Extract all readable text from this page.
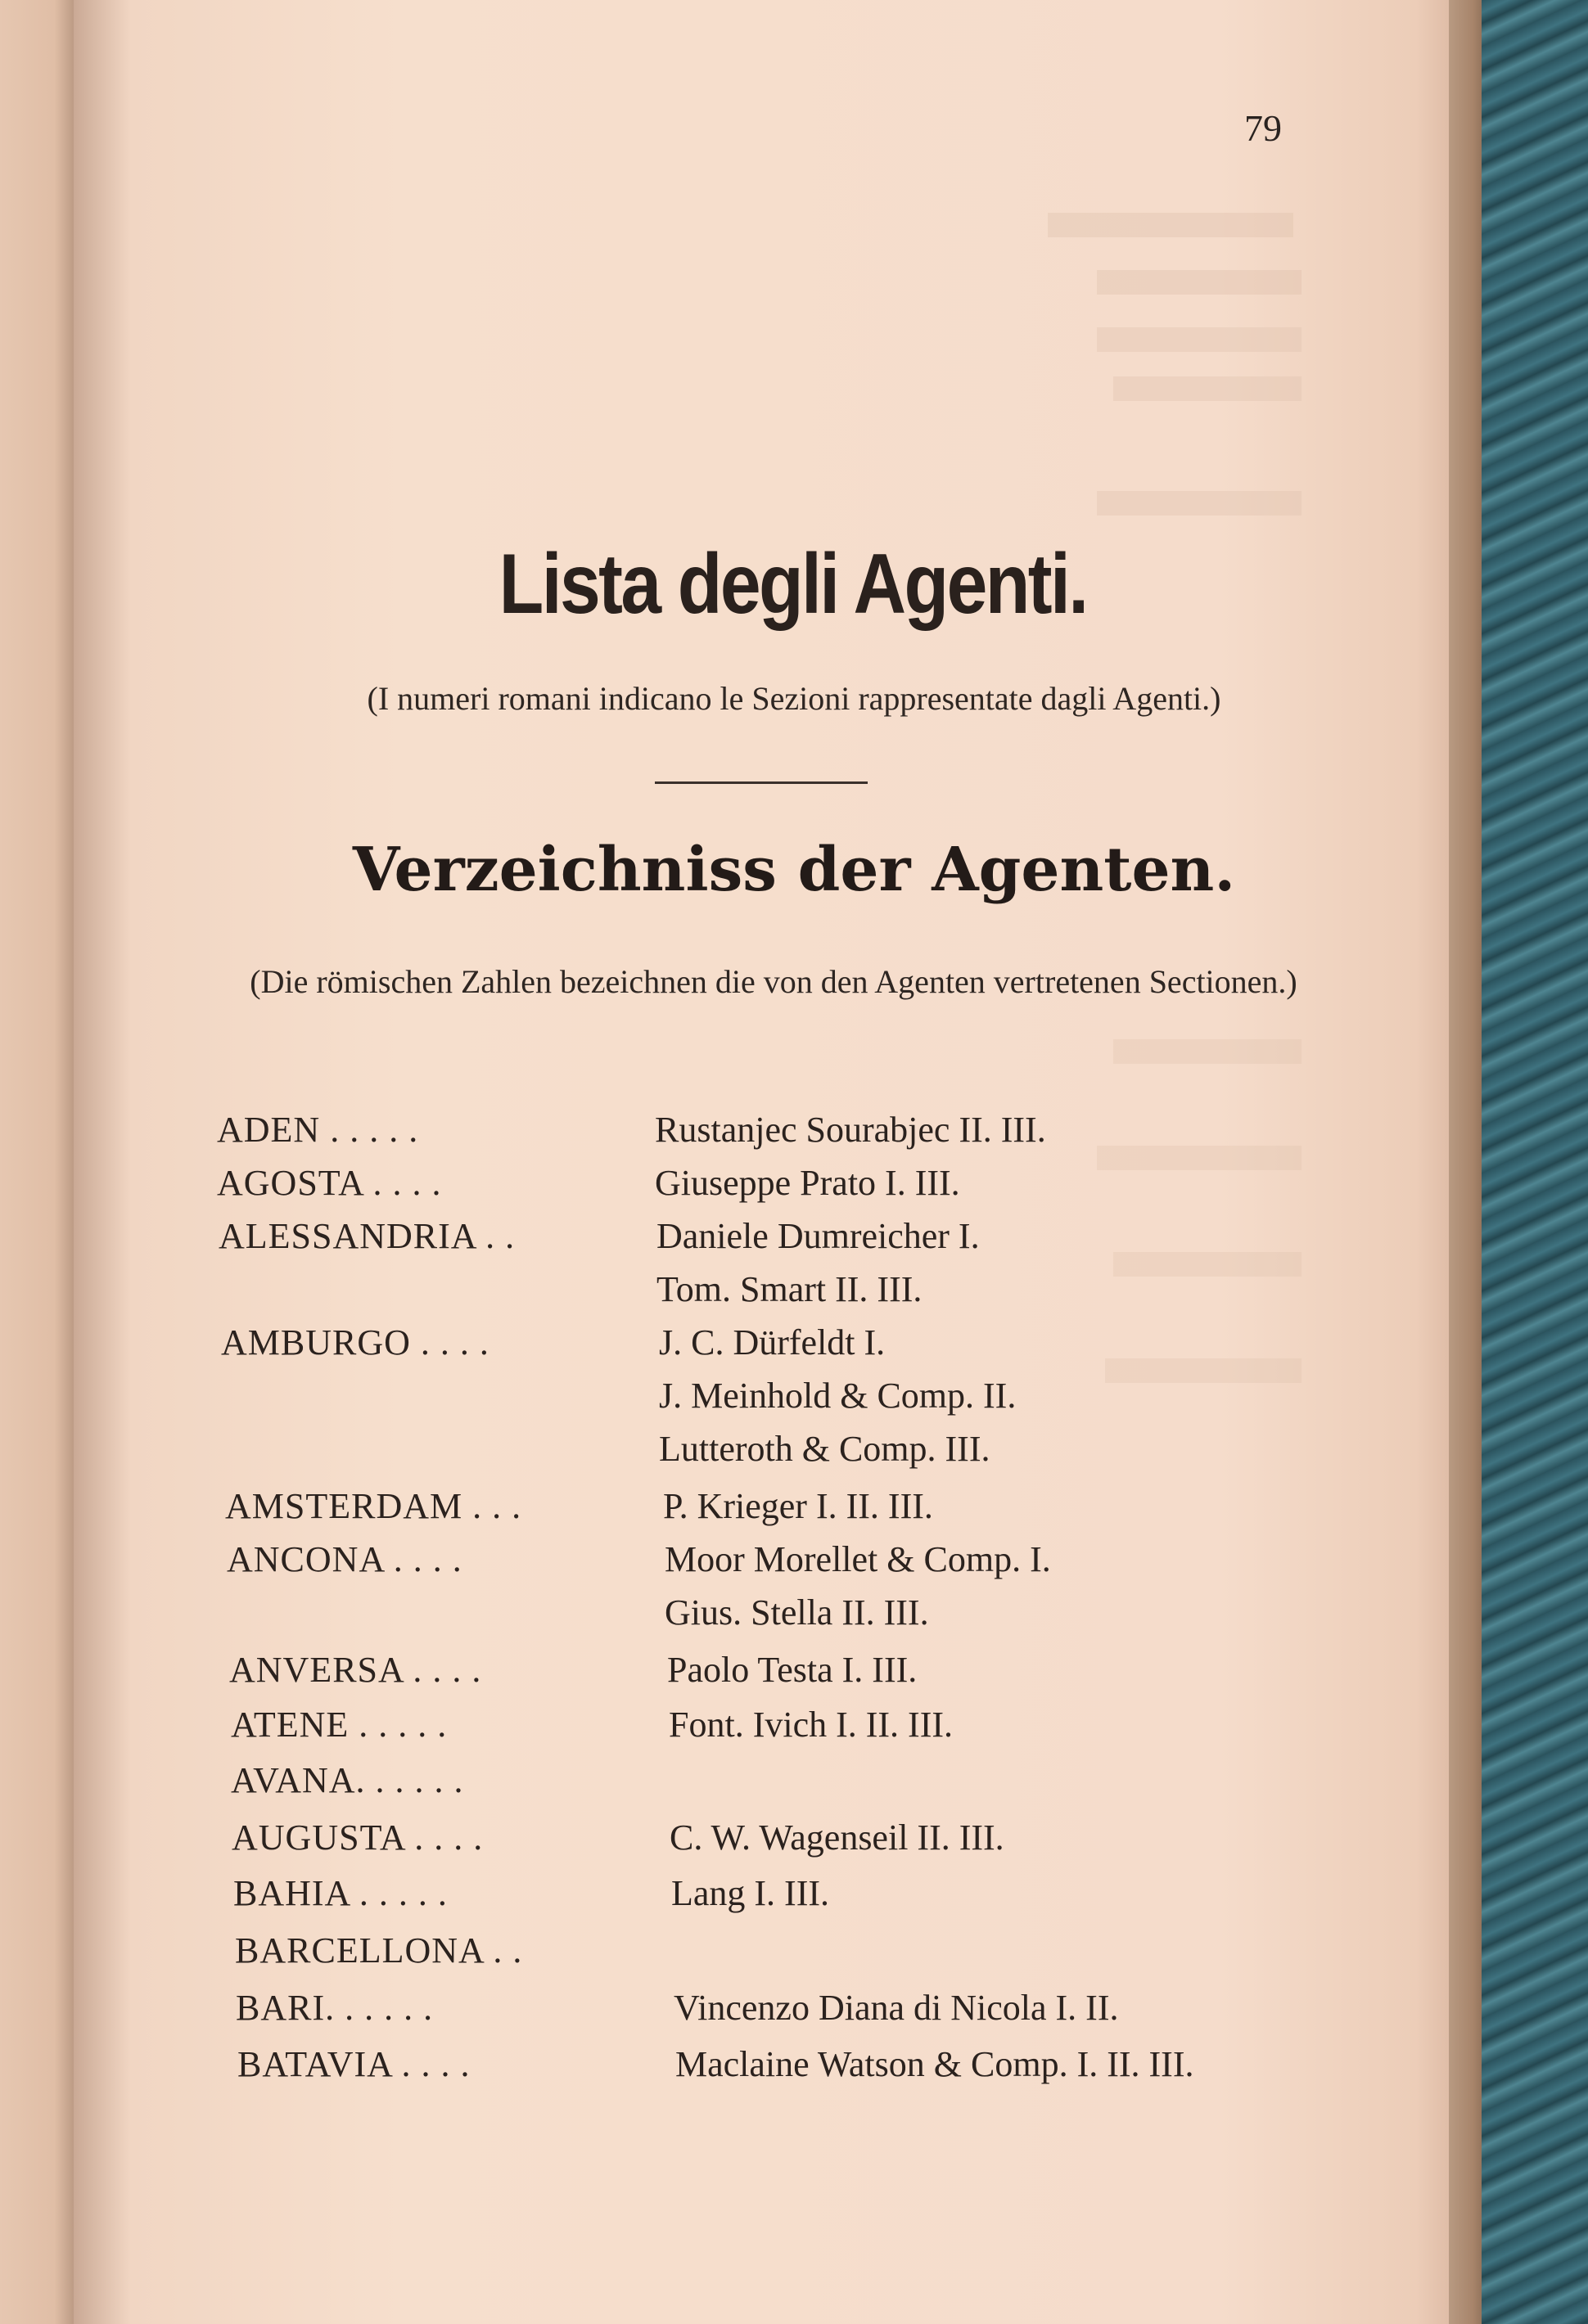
79
Lista degli Agenti.
(I numeri romani indicano le Sezioni rappresentate dagli Agenti.)
Verzeichniss der Agenten.
(Die römischen Zahlen bezeichnen die von den Agenten vertretenen Sectionen.)
ADEN . . . . .	Rustanjec Sourabjec II. III.
AGOSTA . . . .	Giuseppe Prato I. III.
ALESSANDRIA . .	Daniele Dumreicher I.
Tom. Smart II. III.
AMBURGO . . . .	J. C. Dürfeldt I.
J. Meinhold & Comp. II.
Lutteroth & Comp. III.
AMSTERDAM . . .	P. Krieger I. II. III.
ANCONA . . . .	Moor Morellet & Comp. I.
Gius. Stella II. III.
ANVERSA . . . .	Paolo Testa I. III.
ATENE . . . . .	Font. Ivich I. II. III.
AVANA. . . . . .
AUGUSTA . . . .	C. W. Wagenseil II. III.
BAHIA . . . . .	Lang I. III.
BARCELLONA . .
BARI. . . . . .	Vincenzo Diana di Nicola I. II.
BATAVIA . . . .	Maclaine Watson & Comp. I. II. III.
